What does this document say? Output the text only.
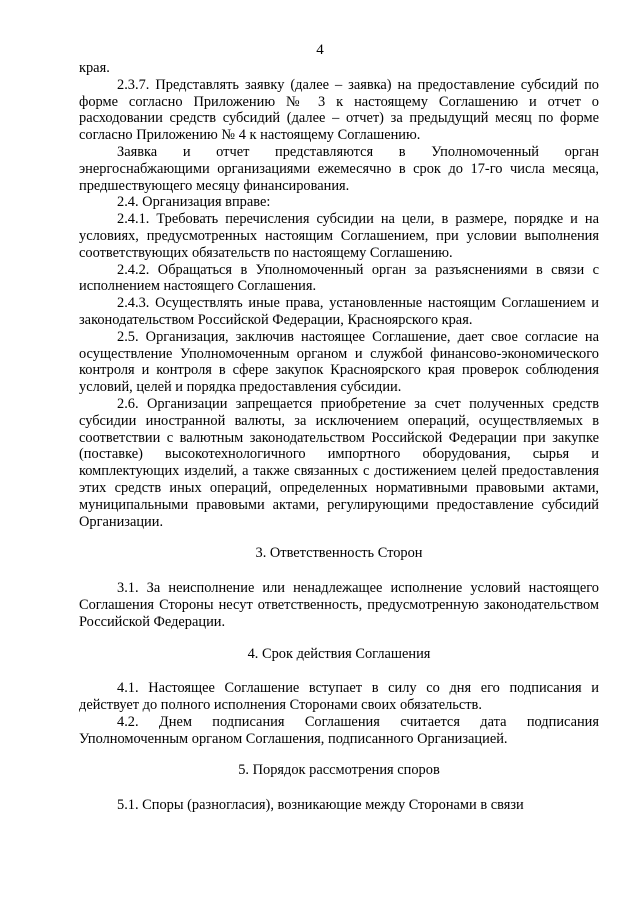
4

края.

2.3.7. Представлять заявку (далее – заявка) на предоставление субсидий по форме согласно Приложению № 3 к настоящему Соглашению и отчет о расходовании средств субсидий (далее – отчет) за предыдущий месяц по форме согласно Приложению № 4 к настоящему Соглашению.

Заявка и отчет представляются в Уполномоченный орган энергоснабжающими организациями ежемесячно в срок до 17-го числа месяца, предшествующего месяцу финансирования.

2.4. Организация вправе:

2.4.1. Требовать перечисления субсидии на цели, в размере, порядке и на условиях, предусмотренных настоящим Соглашением, при условии выполнения соответствующих обязательств по настоящему Соглашению.

2.4.2. Обращаться в Уполномоченный орган за разъяснениями в связи с исполнением настоящего Соглашения.

2.4.3. Осуществлять иные права, установленные настоящим Соглашением и законодательством Российской Федерации, Красноярского края.

2.5. Организация, заключив настоящее Соглашение, дает свое согласие на осуществление Уполномоченным органом и службой финансово-экономического контроля и контроля в сфере закупок Красноярского края проверок соблюдения условий, целей и порядка предоставления субсидии.

2.6. Организации запрещается приобретение за счет полученных средств субсидии иностранной валюты, за исключением операций, осуществляемых в соответствии с валютным законодательством Российской Федерации при закупке (поставке) высокотехнологичного импортного оборудования, сырья и комплектующих изделий, а также связанных с достижением целей предоставления этих средств иных операций, определенных нормативными правовыми актами, муниципальными правовыми актами, регулирующими предоставление субсидий Организации.

3. Ответственность Сторон

3.1. За неисполнение или ненадлежащее исполнение условий настоящего Соглашения Стороны несут ответственность, предусмотренную законодательством Российской Федерации.

4. Срок действия Соглашения

4.1. Настоящее Соглашение вступает в силу со дня его подписания и действует до полного исполнения Сторонами своих обязательств.

4.2. Днем подписания Соглашения считается дата подписания Уполномоченным органом Соглашения, подписанного Организацией.

5. Порядок рассмотрения споров

5.1. Споры (разногласия), возникающие между Сторонами в связи
